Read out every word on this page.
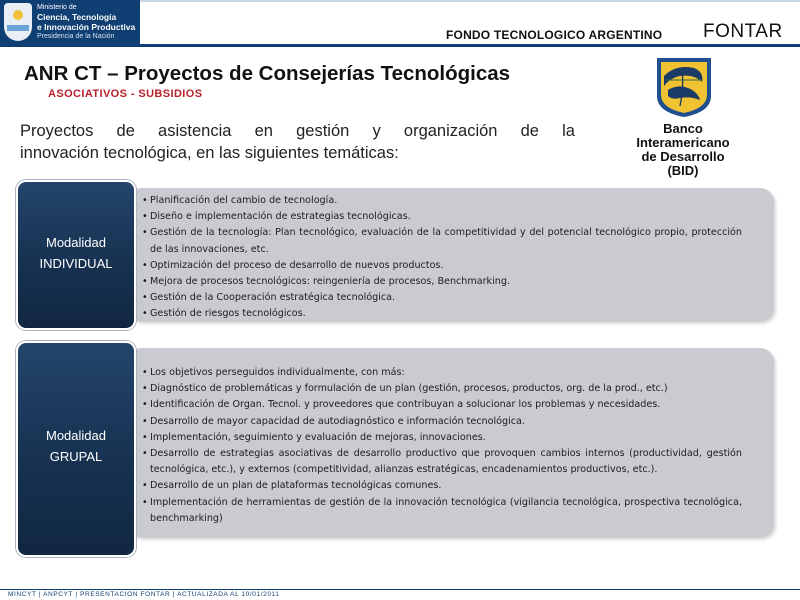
Ministerio de
Ciencia, Tecnología
e Innovación Productiva
Presidencia de la Nación	FONDO TECNOLOGICO ARGENTINO FONTAR
ANR CT – Proyectos de Consejerías Tecnológicas
ASOCIATIVOS - SUBSIDIOS
Proyectos de asistencia en gestión y organización de la
innovación tecnológica, en las siguientes temáticas:
Banco
Interamericano
de Desarrollo
(BID)
Modalidad
INDIVIDUAL
• Planificación del cambio de tecnología.
• Diseño e implementación de estrategias tecnológicas.
• Gestión de la tecnología: Plan tecnológico, evaluación de la competitividad y del potencial tecnológico propio, protección de las innovaciones, etc.
• Optimización del proceso de desarrollo de nuevos productos.
• Mejora de procesos tecnológicos: reingeniería de procesos, Benchmarking.
• Gestión de la Cooperación estratégica tecnológica.
• Gestión de riesgos tecnológicos.
Modalidad
GRUPAL
• Los objetivos perseguidos individualmente, con más:
• Diagnóstico de problemáticas y formulación de un plan (gestión, procesos, productos, org. de la prod., etc.)
• Identificación de Organ. Tecnol. y proveedores que contribuyan a solucionar los problemas y necesidades.
• Desarrollo de mayor capacidad de autodiagnóstico e información tecnológica.
• Implementación, seguimiento y evaluación de mejoras, innovaciones.
• Desarrollo de estrategias asociativas de desarrollo productivo que provoquen cambios internos (productividad, gestión tecnológica, etc.), y externos (competitividad, alianzas estratégicas, encadenamientos productivos, etc.).
• Desarrollo de un plan de plataformas tecnológicas comunes.
• Implementación de herramientas de gestión de la innovación tecnológica (vigilancia tecnológica, prospectiva tecnológica, benchmarking)
MINCYT | ANPCYT | PRESENTACION FONTAR | ACTUALIZADA AL 10/01/2011
